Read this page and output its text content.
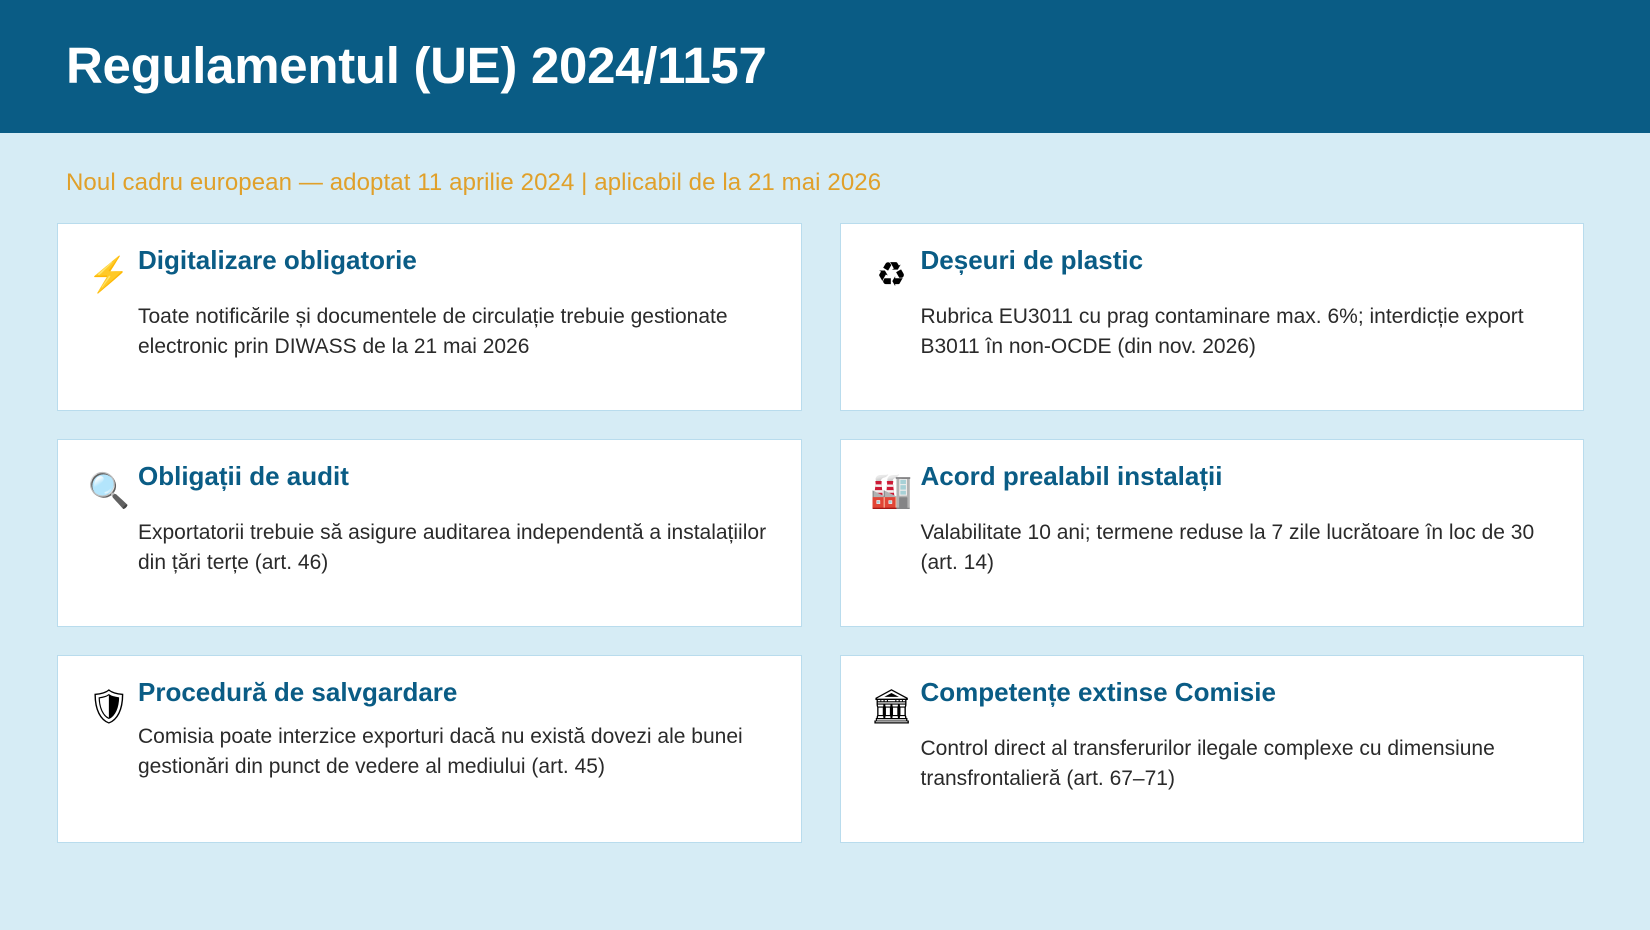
Regulamentul (UE) 2024/1157
Noul cadru european — adoptat 11 aprilie 2024 | aplicabil de la 21 mai 2026
⚡ Digitalizare obligatorie
Toate notificările și documentele de circulație trebuie gestionate electronic prin DIWASS de la 21 mai 2026
♻ Deșeuri de plastic
Rubrica EU3011 cu prag contaminare max. 6%; interdicție export B3011 în non-OCDE (din nov. 2026)
🔍 Obligații de audit
Exportatorii trebuie să asigure auditarea independentă a instalațiilor din țări terțe (art. 46)
🏭 Acord prealabil instalații
Valabilitate 10 ani; termene reduse la 7 zile lucrătoare în loc de 30 (art. 14)
🛡 Procedură de salvgardare
Comisia poate interzice exporturi dacă nu există dovezi ale bunei gestionări din punct de vedere al mediului (art. 45)
🏛 Competențe extinse Comisie
Control direct al transferurilor ilegale complexe cu dimensiune transfrontalieră (art. 67–71)
